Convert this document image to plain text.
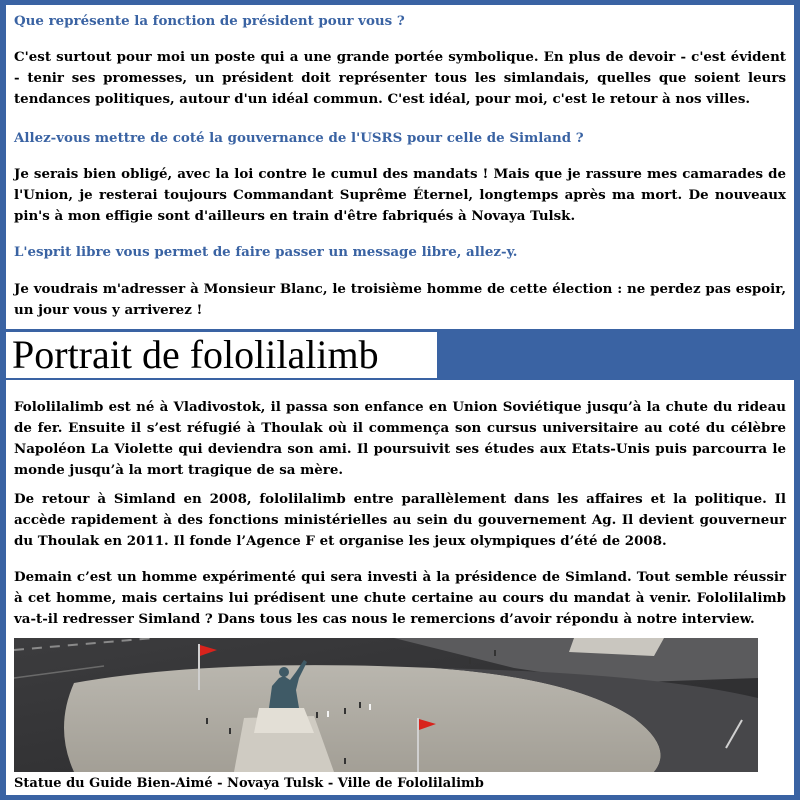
Que représente la fonction de président pour vous ?

C'est surtout pour moi un poste qui a une grande portée symbolique. En plus de devoir - c'est évident - tenir ses promesses, un président doit représenter tous les simlandais, quelles que soient leurs tendances politiques, autour d'un idéal commun. C'est idéal, pour moi, c'est le retour à nos villes.

Allez-vous mettre de coté la gouvernance de l'USRS pour celle de Simland ?

Je serais bien obligé, avec la loi contre le cumul des mandats ! Mais que je rassure mes camarades de l'Union, je resterai toujours Commandant Suprême Éternel, longtemps après ma mort. De nouveaux pin's à mon effigie sont d'ailleurs en train d'être fabriqués à Novaya Tulsk.

L'esprit libre vous permet de faire passer un message libre, allez-y.

Je voudrais m'adresser à Monsieur Blanc, le troisième homme de cette élection : ne perdez pas espoir, un jour vous y arriverez !

Portrait de fololilalimb

Fololilalimb est né à Vladivostok, il passa son enfance en Union Soviétique jusqu’à la chute du rideau de fer. Ensuite il s’est réfugié à Thoulak où il commença son cursus universitaire au coté du célèbre Napoléon La Violette qui deviendra son ami. Il poursuivit ses études aux Etats-Unis puis parcourra le monde jusqu’à la mort tragique de sa mère.

De retour à Simland en 2008, fololilalimb entre parallèlement dans les affaires et la politique. Il accède rapidement à des fonctions ministérielles au sein du gouvernement Ag. Il devient gouverneur du Thoulak en 2011. Il fonde l’Agence F et organise les jeux olympiques d’été de 2008.

Demain c’est un homme expérimenté qui sera investi à la présidence de Simland. Tout semble réussir à cet homme, mais certains lui prédisent une chute certaine au cours du mandat à venir. Fololilalimb va-t-il redresser Simland ? Dans tous les cas nous le remercions d’avoir répondu à notre interview.

Statue du Guide Bien-Aimé - Novaya Tulsk - Ville de Fololilalimb
